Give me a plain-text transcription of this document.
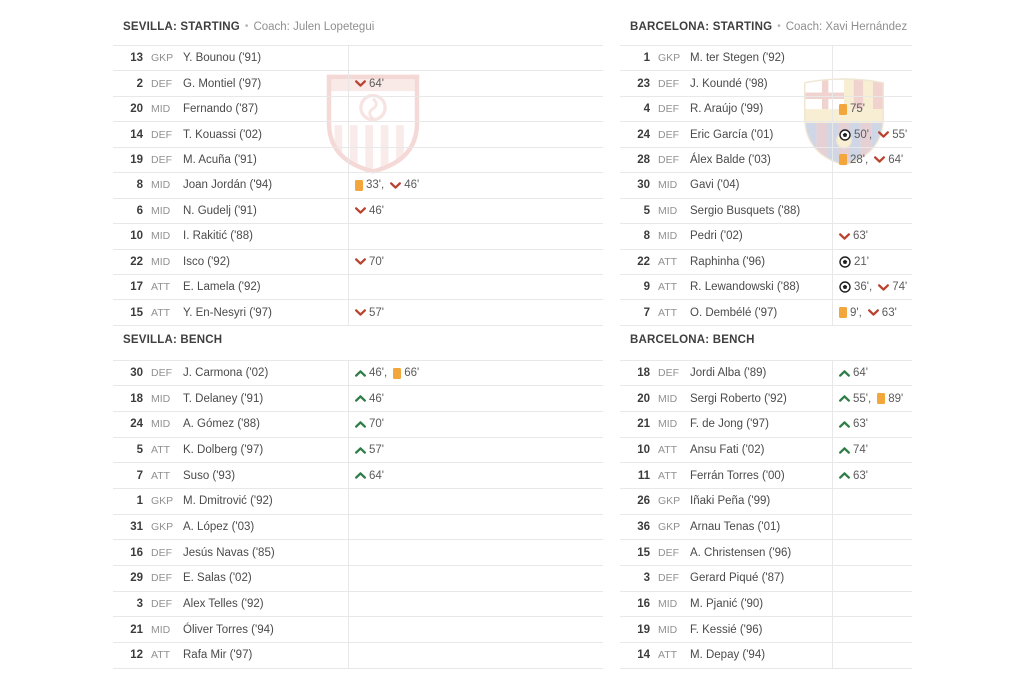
SEVILLA: STARTING • Coach: Julen Lopetegui
13 GKP Y. Bounou ('91)
2 DEF G. Montiel ('97)	64'
20 MID	Fernando ('87)
14 DEF T. Kouassi ('02)
19 DEF M. Acuña ('91)
8 MID	Joan Jordán ('94)	33', 46'
6 MID	N. Gudelj ('91)	46'
10 MID	I. Rakitić ('88)
22 MID	Isco ('92)	70'
17 ATT	E. Lamela ('92)
15 ATT	Y. En-Nesyri ('97)	57'
SEVILLA: BENCH
30 DEF J. Carmona ('02)	46', 66'
18 MID	T. Delaney ('91)	46'
24 MID	A. Gómez ('88)	70'
5 ATT	K. Dolberg ('97)	57'
7 ATT	Suso ('93)	64'
1 GKP M. Dmitrović ('92)
31 GKP A. López ('03)
16 DEF Jesús Navas ('85)
29 DEF E. Salas ('02)
3 DEF Alex Telles ('92)
21 MID	Óliver Torres ('94)
12 ATT	Rafa Mir ('97)
BARCELONA: STARTING • Coach: Xavi Hernández
1 GKP M. ter Stegen ('92)
23 DEF J. Koundé ('98)
4 DEF R. Araújo ('99)	75'
24 DEF Eric García ('01)	50', 55'
28 DEF Álex Balde ('03)	28', 64'
30 MID	Gavi ('04)
5 MID	Sergio Busquets ('88)
8 MID	Pedri ('02)	63'
22 ATT	Raphinha ('96)	21'
9 ATT	R. Lewandowski ('88)	36', 74'
7 ATT	O. Dembélé ('97)	9', 63'
BARCELONA: BENCH
18 DEF Jordi Alba ('89)	64'
20 MID	Sergi Roberto ('92)	55', 89'
21 MID	F. de Jong ('97)	63'
10 ATT	Ansu Fati ('02)	74'
11 ATT	Ferrán Torres ('00)	63'
26 GKP Iñaki Peña ('99)
36 GKP Arnau Tenas ('01)
15 DEF A. Christensen ('96)
3 DEF Gerard Piqué ('87)
16 MID	M. Pjanić ('90)
19 MID	F. Kessié ('96)
14 ATT	M. Depay ('94)
